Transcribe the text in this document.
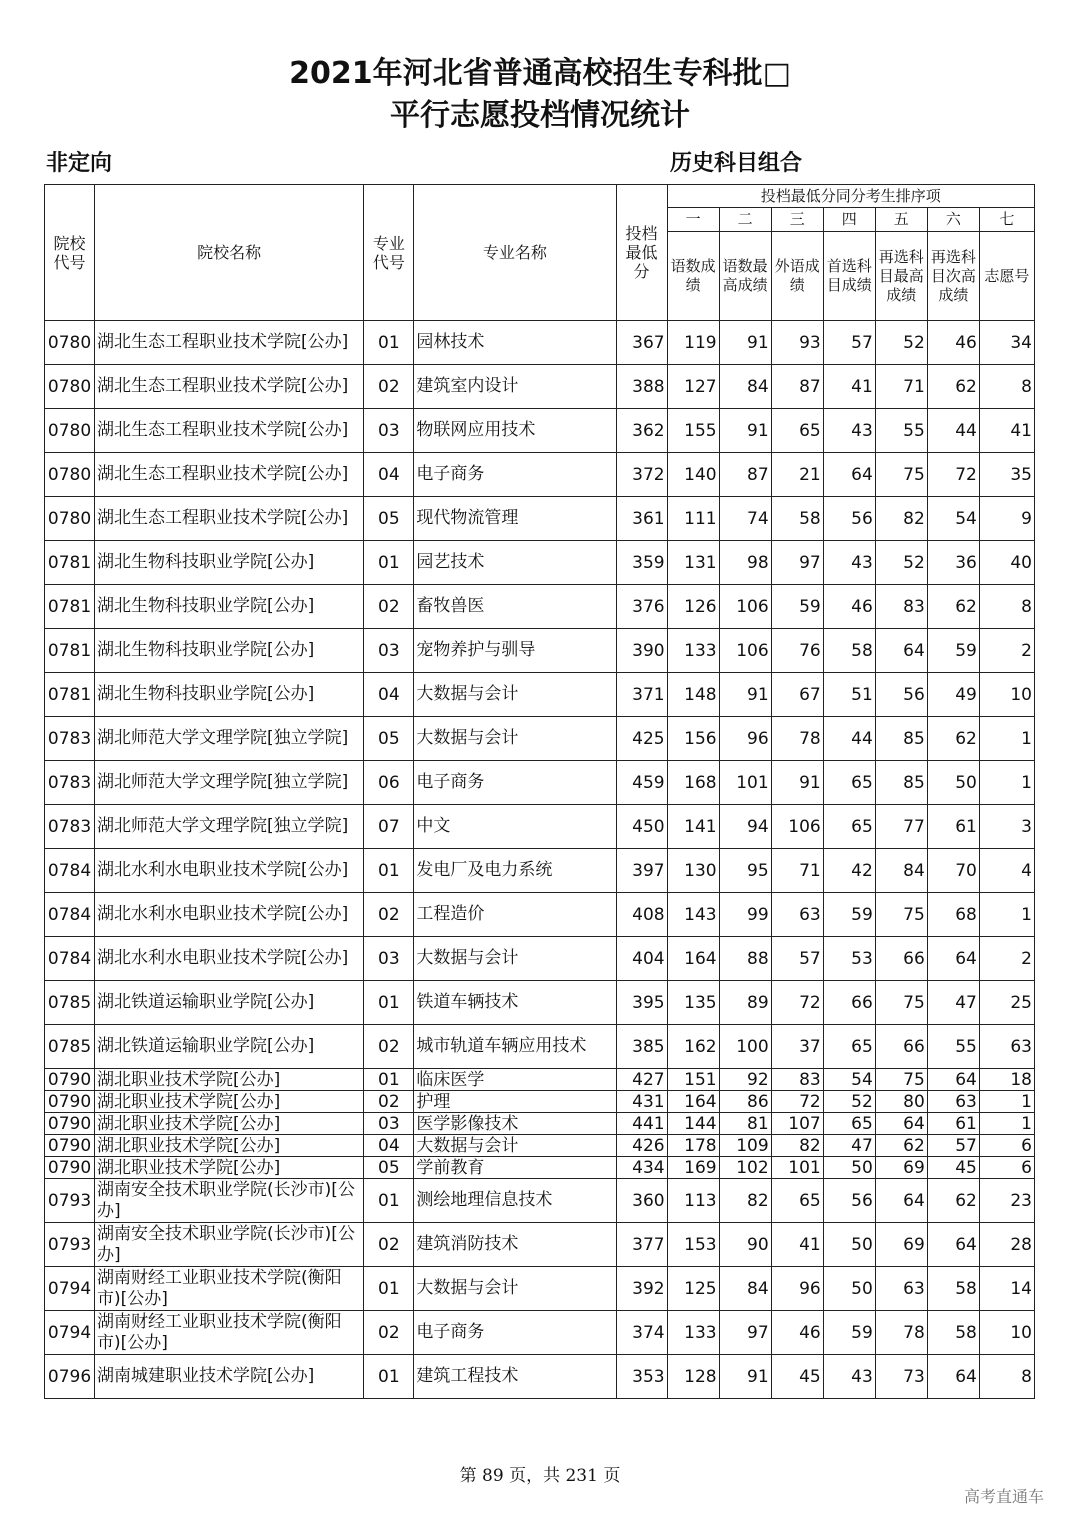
2021年河北省普通高校招生专科批□
平行志愿投档情况统计
非定向	历史科目组合
院校代号	院校名称	专业代号	专业名称	投档最低分	投档最低分同分考生排序项						
					一	二	三	四	五	六	七
					语数成绩	语数最高成绩	外语成绩	首选科目成绩	再选科目最高成绩	再选科目次高成绩	志愿号
0780	湖北生态工程职业技术学院[公办]	01	园林技术	367	119	91	93	57	52	46	34
0780	湖北生态工程职业技术学院[公办]	02	建筑室内设计	388	127	84	87	41	71	62	8
0780	湖北生态工程职业技术学院[公办]	03	物联网应用技术	362	155	91	65	43	55	44	41
0780	湖北生态工程职业技术学院[公办]	04	电子商务	372	140	87	21	64	75	72	35
0780	湖北生态工程职业技术学院[公办]	05	现代物流管理	361	111	74	58	56	82	54	9
0781	湖北生物科技职业学院[公办]	01	园艺技术	359	131	98	97	43	52	36	40
0781	湖北生物科技职业学院[公办]	02	畜牧兽医	376	126	106	59	46	83	62	8
0781	湖北生物科技职业学院[公办]	03	宠物养护与驯导	390	133	106	76	58	64	59	2
0781	湖北生物科技职业学院[公办]	04	大数据与会计	371	148	91	67	51	56	49	10
0783	湖北师范大学文理学院[独立学院]	05	大数据与会计	425	156	96	78	44	85	62	1
0783	湖北师范大学文理学院[独立学院]	06	电子商务	459	168	101	91	65	85	50	1
0783	湖北师范大学文理学院[独立学院]	07	中文	450	141	94	106	65	77	61	3
0784	湖北水利水电职业技术学院[公办]	01	发电厂及电力系统	397	130	95	71	42	84	70	4
0784	湖北水利水电职业技术学院[公办]	02	工程造价	408	143	99	63	59	75	68	1
0784	湖北水利水电职业技术学院[公办]	03	大数据与会计	404	164	88	57	53	66	64	2
0785	湖北铁道运输职业学院[公办]	01	铁道车辆技术	395	135	89	72	66	75	47	25
0785	湖北铁道运输职业学院[公办]	02	城市轨道车辆应用技术	385	162	100	37	65	66	55	63
0790	湖北职业技术学院[公办]	01	临床医学	427	151	92	83	54	75	64	18
0790	湖北职业技术学院[公办]	02	护理	431	164	86	72	52	80	63	1
0790	湖北职业技术学院[公办]	03	医学影像技术	441	144	81	107	65	64	61	1
0790	湖北职业技术学院[公办]	04	大数据与会计	426	178	109	82	47	62	57	6
0790	湖北职业技术学院[公办]	05	学前教育	434	169	102	101	50	69	45	6
0793	湖南安全技术职业学院(长沙市)[公办]	01	测绘地理信息技术	360	113	82	65	56	64	62	23
0793	湖南安全技术职业学院(长沙市)[公办]	02	建筑消防技术	377	153	90	41	50	69	64	28
0794	湖南财经工业职业技术学院(衡阳市)[公办]	01	大数据与会计	392	125	84	96	50	63	58	14
0794	湖南财经工业职业技术学院(衡阳市)[公办]	02	电子商务	374	133	97	46	59	78	58	10
0796	湖南城建职业技术学院[公办]	01	建筑工程技术	353	128	91	45	43	73	64	8
第 89 页，共 231 页
高考直通车
